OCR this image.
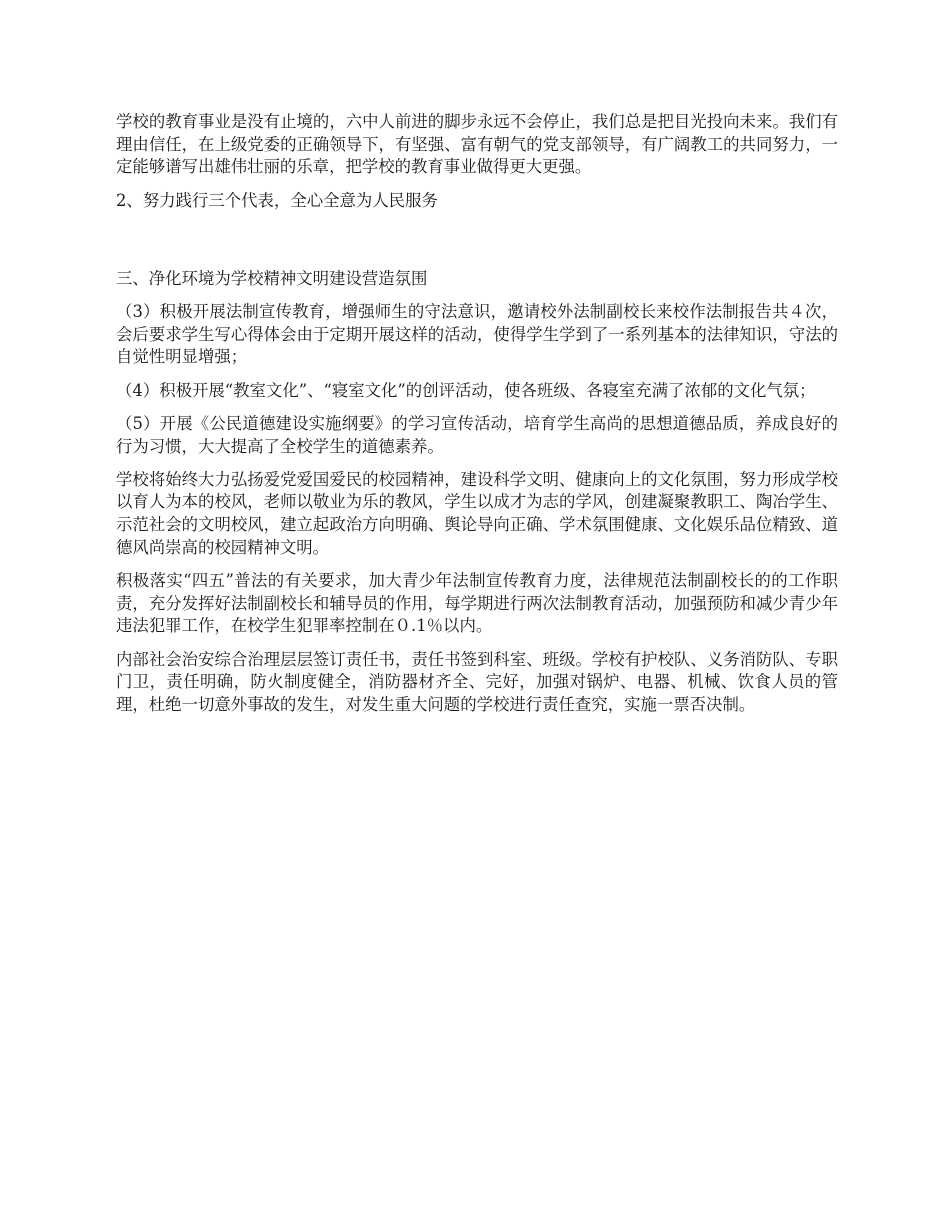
学校的教育事业是没有止境的，六中人前进的脚步永远不会停止，我们总是把目光投向未来。我们有理由信任，在上级党委的正确领导下，有坚强、富有朝气的党支部领导，有广阔教工的共同努力，一定能够谱写出雄伟壮丽的乐章，把学校的教育事业做得更大更强。

2、努力践行三个代表，全心全意为人民服务

三、净化环境为学校精神文明建设营造氛围

（3）积极开展法制宣传教育，增强师生的守法意识，邀请校外法制副校长来校作法制报告共４次，会后要求学生写心得体会由于定期开展这样的活动，使得学生学到了一系列基本的法律知识，守法的自觉性明显增强；

（4）积极开展“教室文化”、“寝室文化”的创评活动，使各班级、各寝室充满了浓郁的文化气氛；

（5）开展《公民道德建设实施纲要》的学习宣传活动，培育学生高尚的思想道德品质，养成良好的行为习惯，大大提高了全校学生的道德素养。

学校将始终大力弘扬爱党爱国爱民的校园精神，建设科学文明、健康向上的文化氛围，努力形成学校以育人为本的校风，老师以敬业为乐的教风，学生以成才为志的学风，创建凝聚教职工、陶冶学生、示范社会的文明校风，建立起政治方向明确、舆论导向正确、学术氛围健康、文化娱乐品位精致、道德风尚崇高的校园精神文明。

积极落实“四五”普法的有关要求，加大青少年法制宣传教育力度，法律规范法制副校长的的工作职责，充分发挥好法制副校长和辅导员的作用，每学期进行两次法制教育活动，加强预防和减少青少年违法犯罪工作，在校学生犯罪率控制在０.1％以内。

内部社会治安综合治理层层签订责任书，责任书签到科室、班级。学校有护校队、义务消防队、专职门卫，责任明确，防火制度健全，消防器材齐全、完好，加强对锅炉、电器、机械、饮食人员的管理，杜绝一切意外事故的发生，对发生重大问题的学校进行责任查究，实施一票否决制。
